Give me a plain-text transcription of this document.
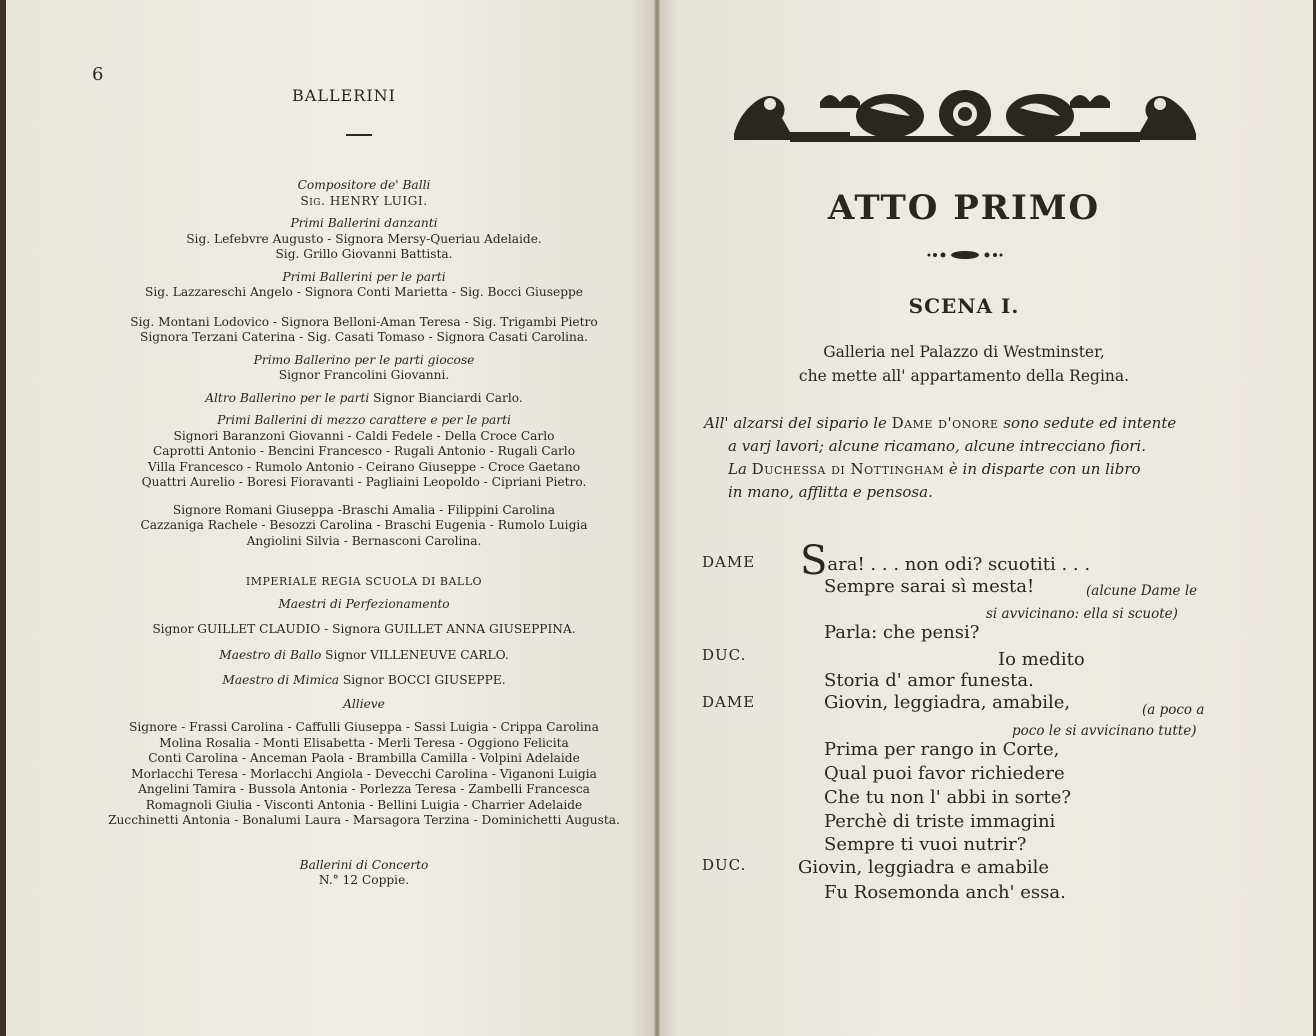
6
BALLERINI
Compositore de' Balli
Sig. HENRY LUIGI.
Primi Ballerini danzanti
Sig. Lefebvre Augusto - Signora Mersy-Queriau Adelaide.
Sig. Grillo Giovanni Battista.
Primi Ballerini per le parti
Sig. Lazzareschi Angelo - Signora Conti Marietta - Sig. Bocci Giuseppe
Sig. Montani Lodovico - Signora Belloni-Aman Teresa - Sig. Trigambi Pietro
Signora Terzani Caterina - Sig. Casati Tomaso - Signora Casati Carolina.
Primo Ballerino per le parti giocose
Signor Francolini Giovanni.
Altro Ballerino per le parti Signor Bianciardi Carlo.
Primi Ballerini di mezzo carattere e per le parti
Signori Baranzoni Giovanni - Caldi Fedele - Della Croce Carlo
Caprotti Antonio - Bencini Francesco - Rugali Antonio - Rugali Carlo
Villa Francesco - Rumolo Antonio - Ceirano Giuseppe - Croce Gaetano
Quattri Aurelio - Boresi Fioravanti - Pagliaini Leopoldo - Cipriani Pietro.
Signore Romani Giuseppa -Braschi Amalia - Filippini Carolina
Cazzaniga Rachele - Besozzi Carolina - Braschi Eugenia - Rumolo Luigia
Angiolini Silvia - Bernasconi Carolina.
IMPERIALE REGIA SCUOLA DI BALLO
Maestri di Perfezionamento
Signor GUILLET CLAUDIO - Signora GUILLET ANNA GIUSEPPINA.
Maestro di Ballo Signor VILLENEUVE CARLO.
Maestro di Mimica Signor BOCCI GIUSEPPE.
Allieve
Signore - Frassi Carolina - Caffulli Giuseppa - Sassi Luigia - Crippa Carolina
Molina Rosalia - Monti Elisabetta - Merli Teresa - Oggiono Felicita
Conti Carolina - Anceman Paola - Brambilla Camilla - Volpini Adelaide
Morlacchi Teresa - Morlacchi Angiola - Devecchi Carolina - Viganoni Luigia
Angelini Tamira - Bussola Antonia - Porlezza Teresa - Zambelli Francesca
Romagnoli Giulia - Visconti Antonia - Bellini Luigia - Charrier Adelaide
Zucchinetti Antonia - Bonalumi Laura - Marsagora Terzina - Dominichetti Augusta.
Ballerini di Concerto
N.° 12 Coppie.
ATTO PRIMO
SCENA I.
Galleria nel Palazzo di Westminster,
che mette all' appartamento della Regina.
All' alzarsi del sipario le Dame d'onore sono sedute ed intente
a varj lavori; alcune ricamano, alcune intrecciano fiori.
La Duchessa di Nottingham è in disparte con un libro
in mano, afflitta e pensosa.
DAME Sara! . . . non odi? scuotiti . . .
Sempre sarai sì mesta!	(alcune Dame le
si avvicinano: ella si scuote)
Parla: che pensi?
DUC.	Io medito
Storia d' amor funesta.
DAME	Giovin, leggiadra, amabile,	(a poco a
poco le si avvicinano tutte)
Prima per rango in Corte,
Qual puoi favor richiedere
Che tu non l' abbi in sorte?
Perchè di triste immagini
Sempre ti vuoi nutrir?
DUC.	Giovin, leggiadra e amabile
Fu Rosemonda anch' essa.
